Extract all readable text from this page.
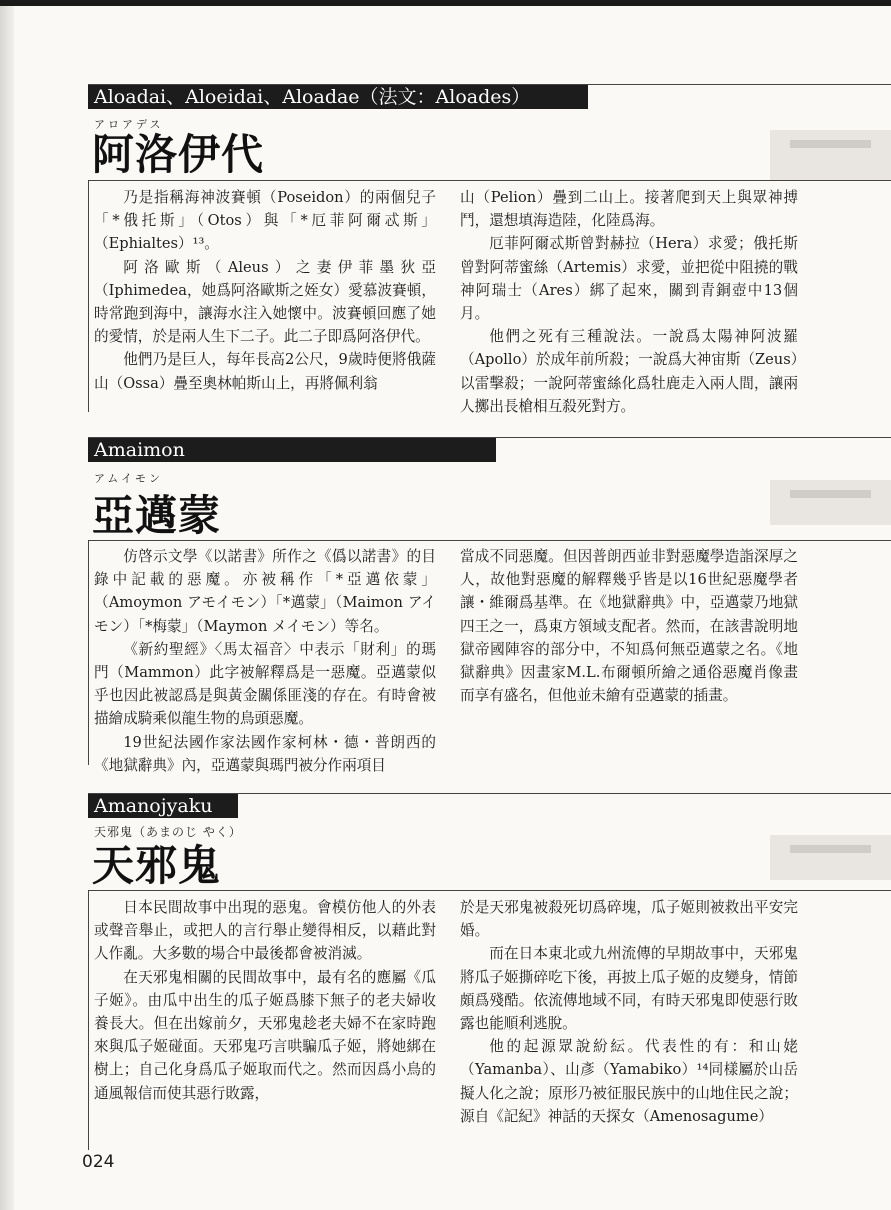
Aloadai、Aloeidai、Aloadae（法文：Aloades）
アロアデス
阿洛伊代

乃是指稱海神波賽頓（Poseidon）的兩個兒子「*俄托斯」（Otos）與「*厄菲阿爾忒斯」（Ephialtes）¹³。

阿洛歐斯（Aleus）之妻伊菲墨狄亞（Iphimedea，她爲阿洛歐斯之姪女）愛慕波賽頓，時常跑到海中，讓海水注入她懷中。波賽頓回應了她的愛情，於是兩人生下二子。此二子即爲阿洛伊代。

他們乃是巨人，每年長高2公尺，9歲時便將俄薩山（Ossa）疊至奧林帕斯山上，再將佩利翁

山（Pelion）疊到二山上。接著爬到天上與眾神搏鬥，還想填海造陸，化陸爲海。

厄菲阿爾忒斯曾對赫拉（Hera）求愛；俄托斯曾對阿蒂蜜絲（Artemis）求愛，並把從中阻撓的戰神阿瑞士（Ares）綁了起來，關到青銅壺中13個月。

他們之死有三種說法。一說爲太陽神阿波羅（Apollo）於成年前所殺；一說爲大神宙斯（Zeus）以雷擊殺；一說阿蒂蜜絲化爲牡鹿走入兩人間，讓兩人擲出長槍相互殺死對方。

Amaimon
アムイモン
亞邁蒙

仿啓示文學《以諾書》所作之《僞以諾書》的目錄中記載的惡魔。亦被稱作「*亞邁依蒙」（Amoymon アモイモン）「*邁蒙」（Maimon アイモン）「*梅蒙」（Maymon メイモン）等名。

《新約聖經》〈馬太福音〉中表示「財利」的瑪門（Mammon）此字被解釋爲是一惡魔。亞邁蒙似乎也因此被認爲是與黃金關係匪淺的存在。有時會被描繪成騎乘似龍生物的鳥頭惡魔。

19世紀法國作家法國作家柯林・德・普朗西的《地獄辭典》內，亞邁蒙與瑪門被分作兩項目

當成不同惡魔。但因普朗西並非對惡魔學造詣深厚之人，故他對惡魔的解釋幾乎皆是以16世紀惡魔學者讓・維爾爲基準。在《地獄辭典》中，亞邁蒙乃地獄四王之一，爲東方領域支配者。然而，在該書說明地獄帝國陣容的部分中，不知爲何無亞邁蒙之名。《地獄辭典》因畫家M.L.布爾頓所繪之通俗惡魔肖像畫而享有盛名，但他並未繪有亞邁蒙的插畫。

Amanojyaku
天邪鬼（あまのじ やく）
天邪鬼

日本民間故事中出現的惡鬼。會模仿他人的外表或聲音舉止，或把人的言行舉止變得相反，以藉此對人作亂。大多數的場合中最後都會被消滅。

在天邪鬼相關的民間故事中，最有名的應屬《瓜子姬》。由瓜中出生的瓜子姬爲膝下無子的老夫婦收養長大。但在出嫁前夕，天邪鬼趁老夫婦不在家時跑來與瓜子姬碰面。天邪鬼巧言哄騙瓜子姬，將她綁在樹上；自己化身爲瓜子姬取而代之。然而因爲小鳥的通風報信而使其惡行敗露，

於是天邪鬼被殺死切爲碎塊，瓜子姬則被救出平安完婚。

而在日本東北或九州流傳的早期故事中，天邪鬼將瓜子姬撕碎吃下後，再披上瓜子姬的皮變身，情節頗爲殘酷。依流傳地域不同，有時天邪鬼即使惡行敗露也能順利逃脫。

他的起源眾說紛紜。代表性的有：和山姥（Yamanba）、山彥（Yamabiko）¹⁴同樣屬於山岳擬人化之說；原形乃被征服民族中的山地住民之說；源自《記紀》神話的天探女（Amenosagume）

024
